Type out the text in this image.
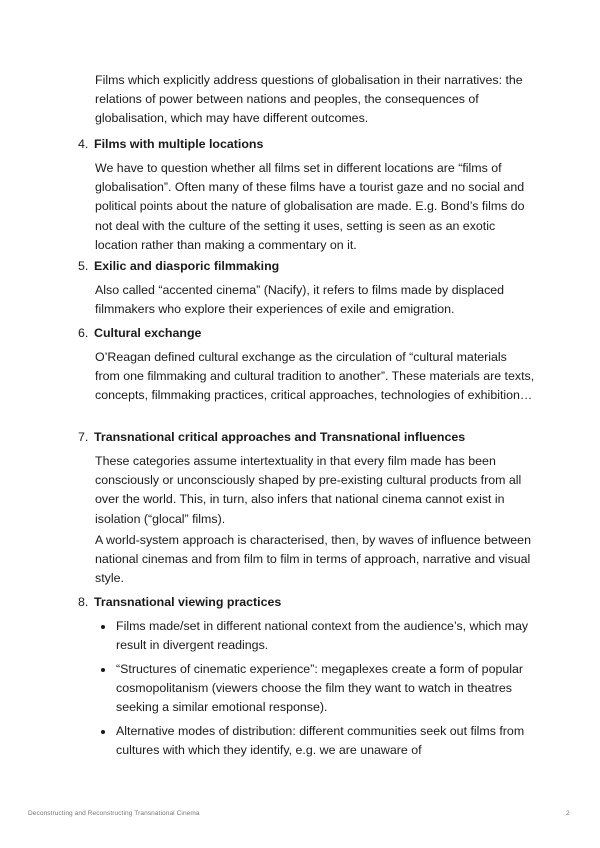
Films which explicitly address questions of globalisation in their narratives: the relations of power between nations and peoples, the consequences of globalisation, which may have different outcomes.

4. Films with multiple locations

We have to question whether all films set in different locations are “films of globalisation”. Often many of these films have a tourist gaze and no social and political points about the nature of globalisation are made. E.g. Bond’s films do not deal with the culture of the setting it uses, setting is seen as an exotic location rather than making a commentary on it.

5. Exilic and diasporic filmmaking

Also called “accented cinema” (Nacify), it refers to films made by displaced filmmakers who explore their experiences of exile and emigration.

6. Cultural exchange

O’Reagan defined cultural exchange as the circulation of “cultural materials from one filmmaking and cultural tradition to another”. These materials are texts, concepts, filmmaking practices, critical approaches, technologies of exhibition…

7. Transnational critical approaches and Transnational influences

These categories assume intertextuality in that every film made has been consciously or unconsciously shaped by pre-existing cultural products from all over the world. This, in turn, also infers that national cinema cannot exist in isolation (“glocal” films).

A world-system approach is characterised, then, by waves of influence between national cinemas and from film to film in terms of approach, narrative and visual style.

8. Transnational viewing practices
Films made/set in different national context from the audience’s, which may result in divergent readings.
“Structures of cinematic experience”: megaplexes create a form of popular cosmopolitanism (viewers choose the film they want to watch in theatres seeking a similar emotional response).
Alternative modes of distribution: different communities seek out films from cultures with which they identify, e.g. we are unaware of
Deconstructing and Reconstructing Transnational Cinema	2
